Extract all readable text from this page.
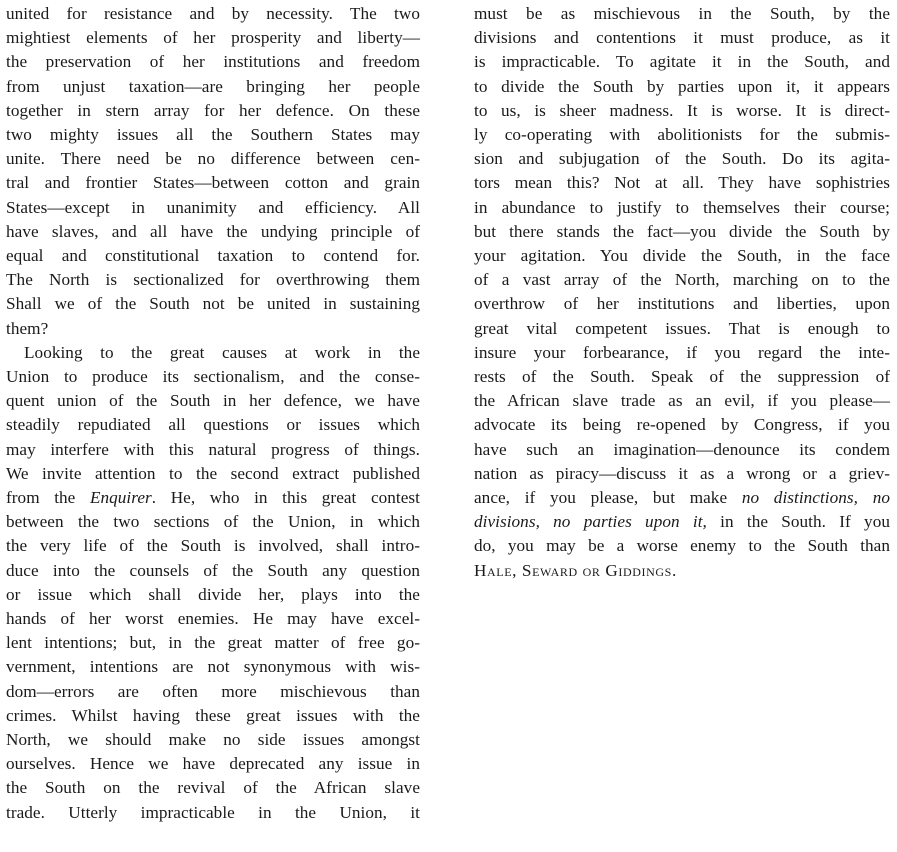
united for resistance and by necessity. The two
mightiest elements of her prosperity and liberty—
the preservation of her institutions and freedom
from unjust taxation—are bringing her people
together in stern array for her defence. On these
two mighty issues all the Southern States may
unite. There need be no difference between cen-
tral and frontier States—between cotton and grain
States—except in unanimity and efficiency. All
have slaves, and all have the undying principle of
equal and constitutional taxation to contend for.
The North is sectionalized for overthrowing them
Shall we of the South not be united in sustaining
them?
Looking to the great causes at work in the
Union to produce its sectionalism, and the conse-
quent union of the South in her defence, we have
steadily repudiated all questions or issues which
may interfere with this natural progress of things.
We invite attention to the second extract published
from the Enquirer. He, who in this great contest
between the two sections of the Union, in which
the very life of the South is involved, shall intro-
duce into the counsels of the South any question
or issue which shall divide her, plays into the
hands of her worst enemies. He may have excel-
lent intentions; but, in the great matter of free go-
vernment, intentions are not synonymous with wis-
dom—errors are often more mischievous than
crimes. Whilst having these great issues with the
North, we should make no side issues amongst
ourselves. Hence we have deprecated any issue in
the South on the revival of the African slave
trade. Utterly impracticable in the Union, it
must be as mischievous in the South, by the
divisions and contentions it must produce, as it
is impracticable. To agitate it in the South, and
to divide the South by parties upon it, it appears
to us, is sheer madness. It is worse. It is direct-
ly co-operating with abolitionists for the submis-
sion and subjugation of the South. Do its agita-
tors mean this? Not at all. They have sophistries
in abundance to justify to themselves their course;
but there stands the fact—you divide the South by
your agitation. You divide the South, in the face
of a vast array of the North, marching on to the
overthrow of her institutions and liberties, upon
great vital competent issues. That is enough to
insure your forbearance, if you regard the inte-
rests of the South. Speak of the suppression of
the African slave trade as an evil, if you please—
advocate its being re-opened by Congress, if you
have such an imagination—denounce its condem
nation as piracy—discuss it as a wrong or a griev-
ance, if you please, but make no distinctions, no
divisions, no parties upon it, in the South. If you
do, you may be a worse enemy to the South than
Hale, Seward or Giddings.
